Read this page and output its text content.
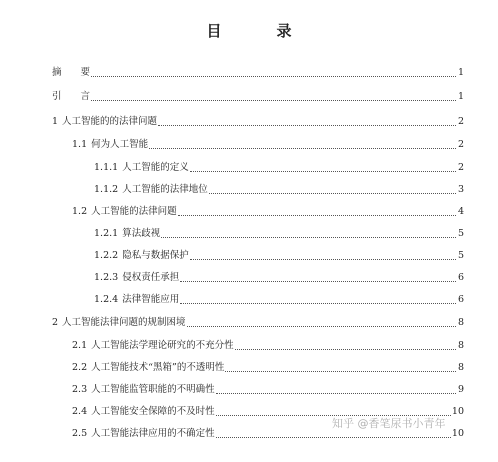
目　录
摘　　要	1
引　　言	1
1 人工智能的的法律问题	2
1.1 何为人工智能	2
1.1.1 人工智能的定义	2
1.1.2 人工智能的法律地位	3
1.2 人工智能的法律问题	4
1.2.1 算法歧视	5
1.2.2 隐私与数据保护	5
1.2.3 侵权责任承担	6
1.2.4 法律智能应用	6
2 人工智能法律问题的规制困境	8
2.1 人工智能法学理论研究的不充分性	8
2.2 人工智能技术“黑箱”的不透明性	8
2.3 人工智能监管职能的不明确性	9
2.4 人工智能安全保障的不及时性	10
2.5 人工智能法律应用的不确定性	10
知乎 @香笔尿书小青年
